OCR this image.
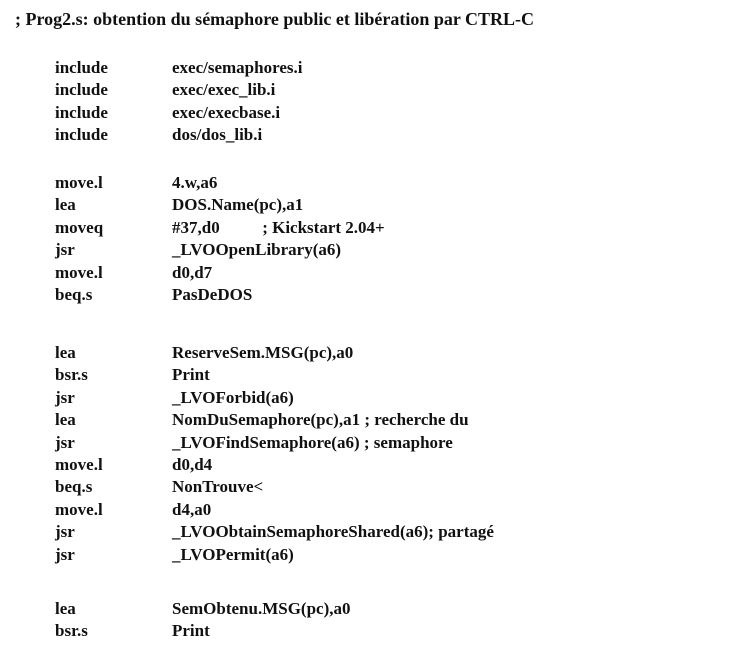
; Prog2.s: obtention du sémaphore public et libération par CTRL-C
include	exec/semaphores.i
include	exec/exec_lib.i
include	exec/execbase.i
include	dos/dos_lib.i
move.l	4.w,a6
lea	DOS.Name(pc),a1
moveq	#37,d0          ; Kickstart 2.04+
jsr	_LVOOpenLibrary(a6)
move.l	d0,d7
beq.s	PasDeDOS
lea	ReserveSem.MSG(pc),a0
bsr.s	Print
jsr	_LVOForbid(a6)
lea	NomDuSemaphore(pc),a1 ; recherche du
jsr	_LVOFindSemaphore(a6) ; semaphore
move.l	d0,d4
beq.s	NonTrouve<
move.l	d4,a0
jsr	_LVOObtainSemaphoreShared(a6); partagé
jsr	_LVOPermit(a6)
lea	SemObtenu.MSG(pc),a0
bsr.s	Print
